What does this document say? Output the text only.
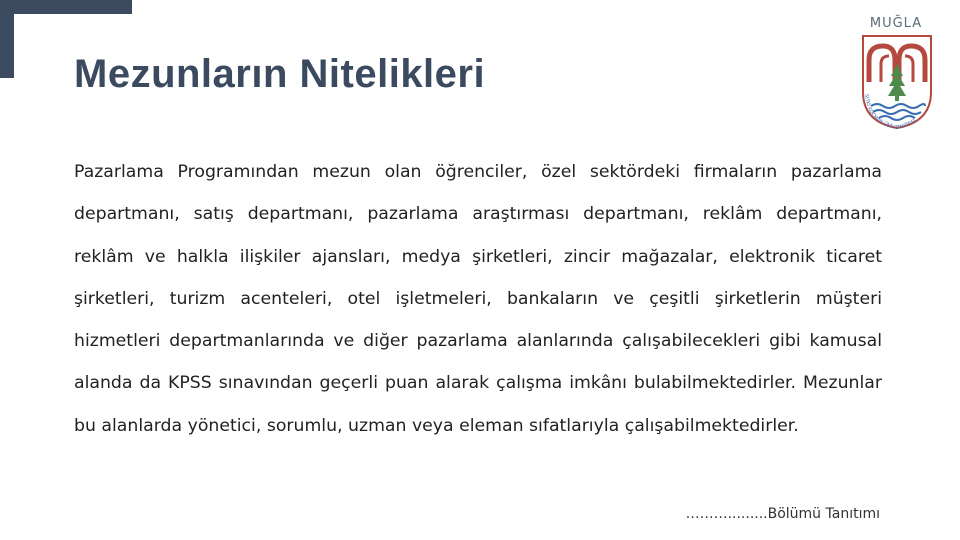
Mezunların Nitelikleri
MUĞLA
SITKI KOÇMAN ÜNİVERSİTESİ

Pazarlama Programından mezun olan öğrenciler, özel sektördeki firmaların pazarlama departmanı, satış departmanı, pazarlama araştırması departmanı, reklâm departmanı, reklâm ve halkla ilişkiler ajansları, medya şirketleri, zincir mağazalar, elektronik ticaret şirketleri, turizm acenteleri, otel işletmeleri, bankaların ve çeşitli şirketlerin müşteri hizmetleri departmanlarında ve diğer pazarlama alanlarında çalışabilecekleri gibi kamusal alanda da KPSS sınavından geçerli puan alarak çalışma imkânı bulabilmektedirler. Mezunlar bu alanlarda yönetici, sorumlu, uzman veya eleman sıfatlarıyla çalışabilmektedirler.

……….........Bölümü Tanıtımı
